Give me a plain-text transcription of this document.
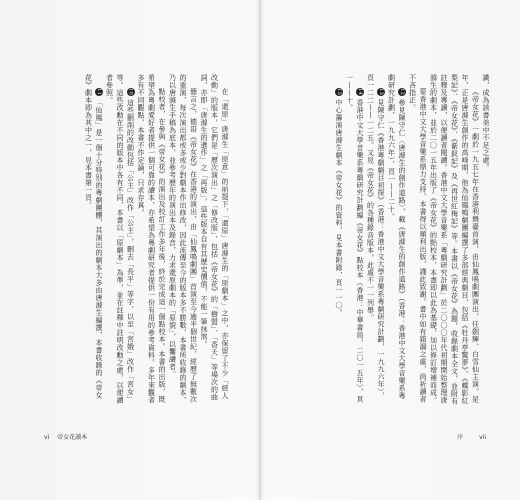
在「還原」唐滌生「原意」的前提下，「還原」唐滌生的「原劇本」之中，亦保留了不少「經人改動」的版本，它們是「歷次演出」之「修改版」，包括《帝女花》的「樹盟」、「香夭」等場次的曲詞，亦即「唐滌生的遺作」之「再版」，這些版本自有其歷史價值，不能一筆抹煞。

簡言之，德哥《帝女花》在香港的演出，由「仙鳳鳴劇團」首演至今逾半個世紀，經歷了無數次的重演，每次演出都或多或少對劇本作出修改，因此流傳至今的版本多不勝數，本書所收錄的劇本，乃以唐滌生手稿為底本，並參考歷年的演出本及錄音，力求還原劇本的「原貌」，以饗讀者。

點校者，在參與《帝女花》的演出及校訂工作多年後，終於完成這一個點校本。本書的出版，既希望為粵劇愛好者提供一個可靠的讀本，亦希望為粵劇研究者提供一份有用的參考資料。多年來觀者多有不同觀點，本書不作定論，只求存真。

10 這些刪削的改動包括「公主」改作「公主」，刪去「長平」等字，以至「宮娥」改作「宮女」等。這些改動在不同的版本中各有不同，本書以「原劇本」為準，並在註釋中註明改動之處，以便讀者參照。

11 「仙鳳」是一個十分特別的粵劇團體，其演出的劇本大多由唐滌生編撰，本書收錄的《帝女花》劇本即為其中之一，見本書第一頁。

vi 帝女花讀本

識，成為該書美中不足之處。

《帝女花》一劇於一九五七年在香港利舞臺首演，由仙鳳鳴劇團演出，任劍輝、白雪仙主演。是年，正是唐滌生創作的高峰期，他為仙鳳鳴劇團編撰了多部經典劇目，包括《牡丹亭驚夢》、《蝶影紅梨記》、《帝女花》、《紫釵記》及《再世紅梅記》等。本書以《帝女花》為題，收錄劇本全文，並附有註釋及導讀，以便讀者閱讀。香港中文大學音樂系「粵劇研究計劃」於二〇〇〇年代初期開始整理唐滌生的劇本，並於二〇一五年出版了《帝女花》的點校本，本書即以此為基礎，加以修訂增補而成。

蒙香港中文大學音樂系鼎力支持，本書得以順利出版，謹此致謝。書中如有錯漏之處，尚祈讀者不吝指正。

12 參見陳守仁〈唐滌生的創作道路〉，載《唐滌生的創作道路》（香港：香港中文大學音樂系粵劇研究計劃，一九九六年），頁一——二十。

13 見陳守仁《香港粵劇劇目初探》（香港：香港中文大學音樂系粵劇研究計劃，一九九六年），頁一二二——一二五。又見《帝女花》的各種錄音版本，此處不一一列舉。

14 香港中文大學音樂系粵劇研究計劃編《帝女花》點校本（香港：中華書局，二〇一五年），頁一——十。

15 中心籌演唐滌生劇本《帝女花》的資料，見本書附錄，頁一一〇。

序	vii
